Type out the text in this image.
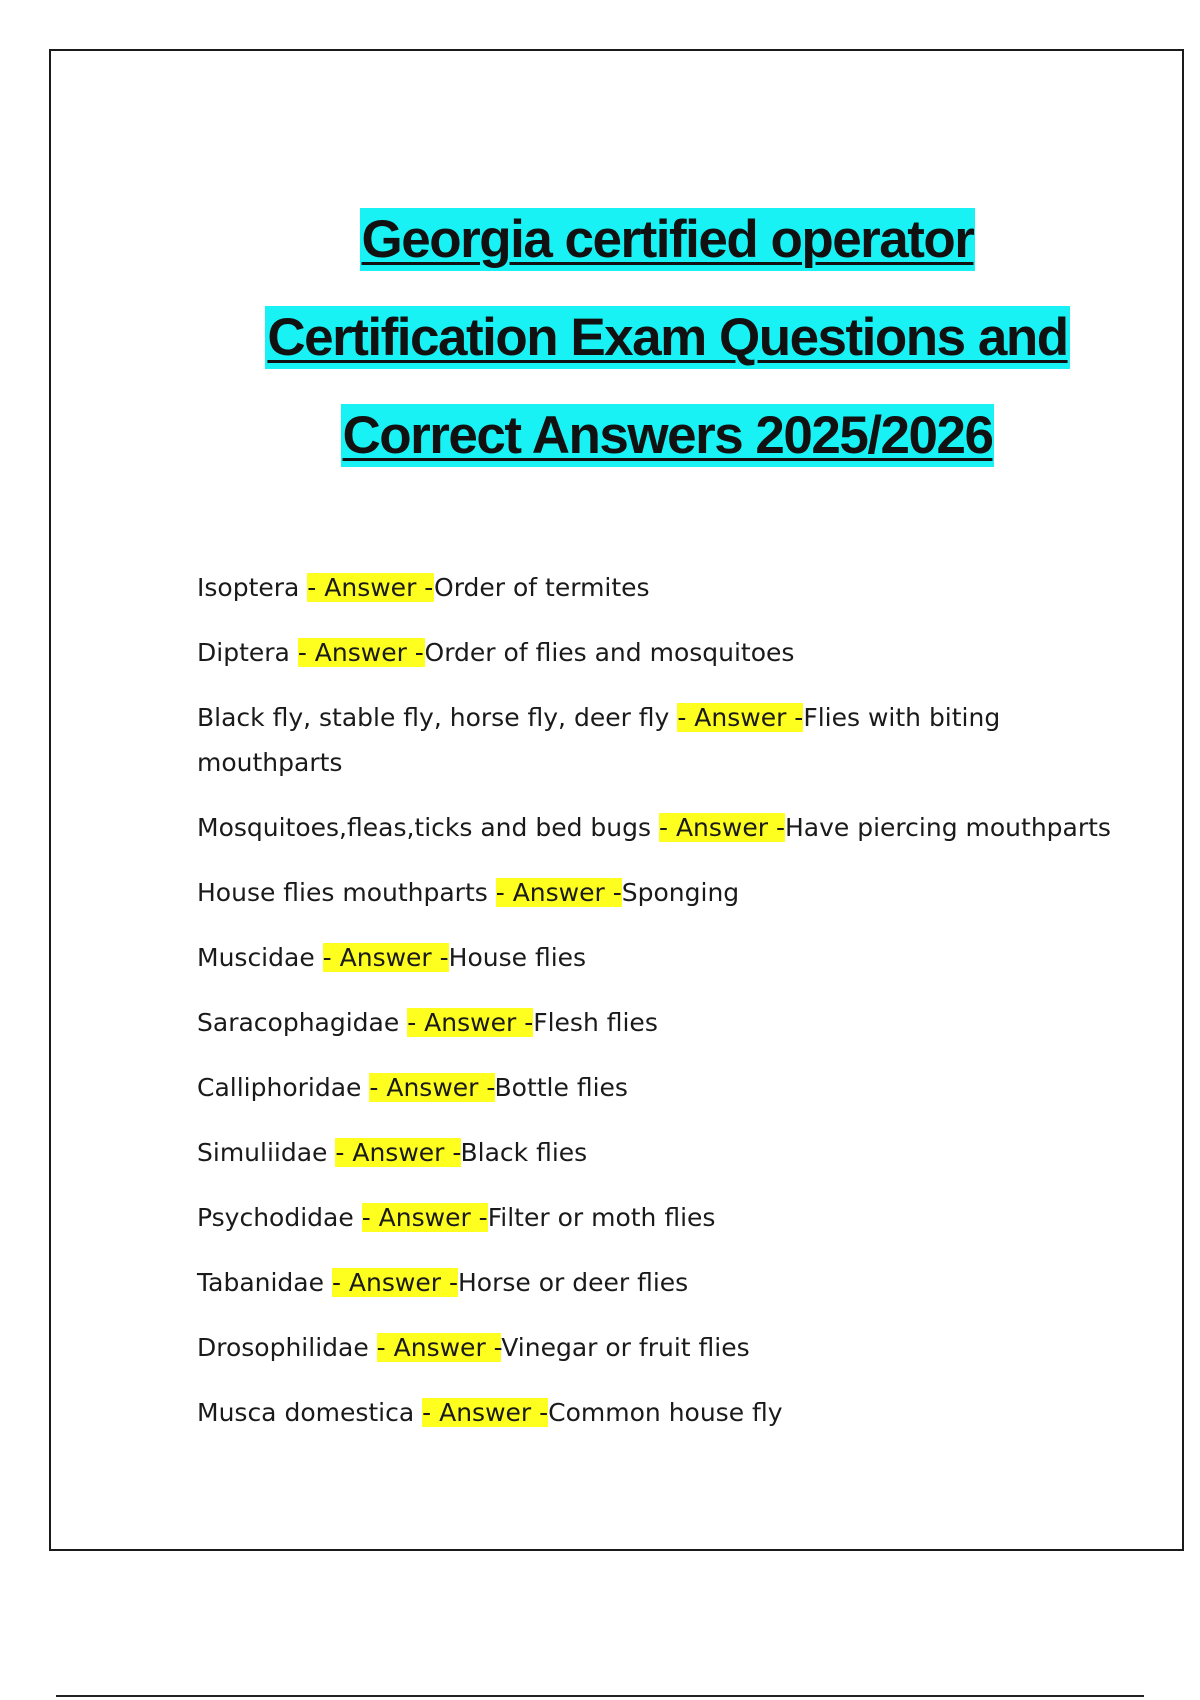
Georgia certified operator
Certification Exam Questions and
Correct Answers 2025/2026
Isoptera - Answer -Order of termites
Diptera - Answer -Order of flies and mosquitoes
Black fly, stable fly, horse fly, deer fly - Answer -Flies with biting mouthparts
Mosquitoes,fleas,ticks and bed bugs - Answer -Have piercing mouthparts
House flies mouthparts - Answer -Sponging
Muscidae - Answer -House flies
Saracophagidae - Answer -Flesh flies
Calliphoridae - Answer -Bottle flies
Simuliidae - Answer -Black flies
Psychodidae - Answer -Filter or moth flies
Tabanidae - Answer -Horse or deer flies
Drosophilidae - Answer -Vinegar or fruit flies
Musca domestica - Answer -Common house fly
